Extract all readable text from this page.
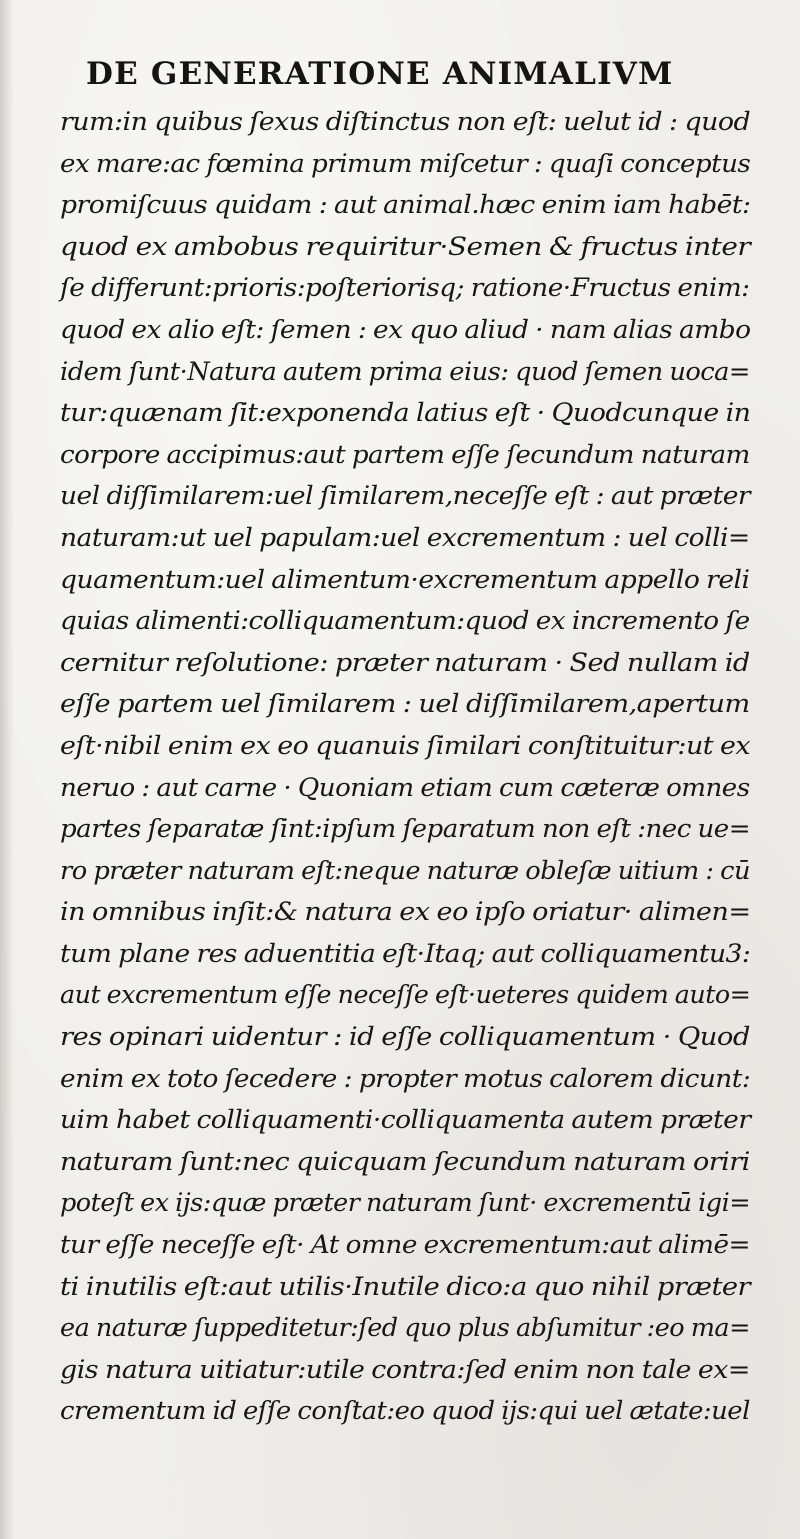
DE GENERATIONE ANIMALIVM
rum:in quibus ſexus diſtinctus non eſt: uelut id : quod
ex mare:ac fœmina primum miſcetur : quaſi conceptus
promiſcuus quidam : aut animal.hæc enim iam habēt:
quod ex ambobus requiritur·Semen & fructus inter
ſe differunt:prioris:poſteriorisq; ratione·Fructus enim:
quod ex alio eſt: ſemen : ex quo aliud · nam alias ambo
idem ſunt·Natura autem prima eius: quod ſemen uoca=
tur:quænam ſit:exponenda latius eſt · Quodcunque in
corpore accipimus:aut partem eſſe ſecundum naturam
uel diſſimilarem:uel ſimilarem,neceſſe eſt : aut præter
naturam:ut uel papulam:uel excrementum : uel colli=
quamentum:uel alimentum·excrementum appello reli
quias alimenti:colliquamentum:quod ex incremento ſe
cernitur reſolutione: præter naturam · Sed nullam id
eſſe partem uel ſimilarem : uel diſſimilarem,apertum
eſt·nibil enim ex eo quanuis ſimilari conſtituitur:ut ex
neruo : aut carne · Quoniam etiam cum cæteræ omnes
partes ſeparatæ ſint:ipſum ſeparatum non eſt :nec ue=
ro præter naturam eſt:neque naturæ obleſæ uitium : cū
in omnibus inſit:& natura ex eo ipſo oriatur· alimen=
tum plane res aduentitia eſt·Itaq; aut colliquamentu3:
aut excrementum eſſe neceſſe eſt·ueteres quidem auto=
res opinari uidentur : id eſſe colliquamentum · Quod
enim ex toto ſecedere : propter motus calorem dicunt:
uim habet colliquamenti·colliquamenta autem præter
naturam ſunt:nec quicquam ſecundum naturam oriri
poteſt ex ijs:quæ præter naturam ſunt· excrementū igi=
tur eſſe neceſſe eſt· At omne excrementum:aut alimē=
ti inutilis eſt:aut utilis·Inutile dico:a quo nihil præter
ea naturæ ſuppeditetur:ſed quo plus abſumitur :eo ma=
gis natura uitiatur:utile contra:ſed enim non tale ex=
crementum id eſſe conſtat:eo quod ijs:qui uel ætate:uel
